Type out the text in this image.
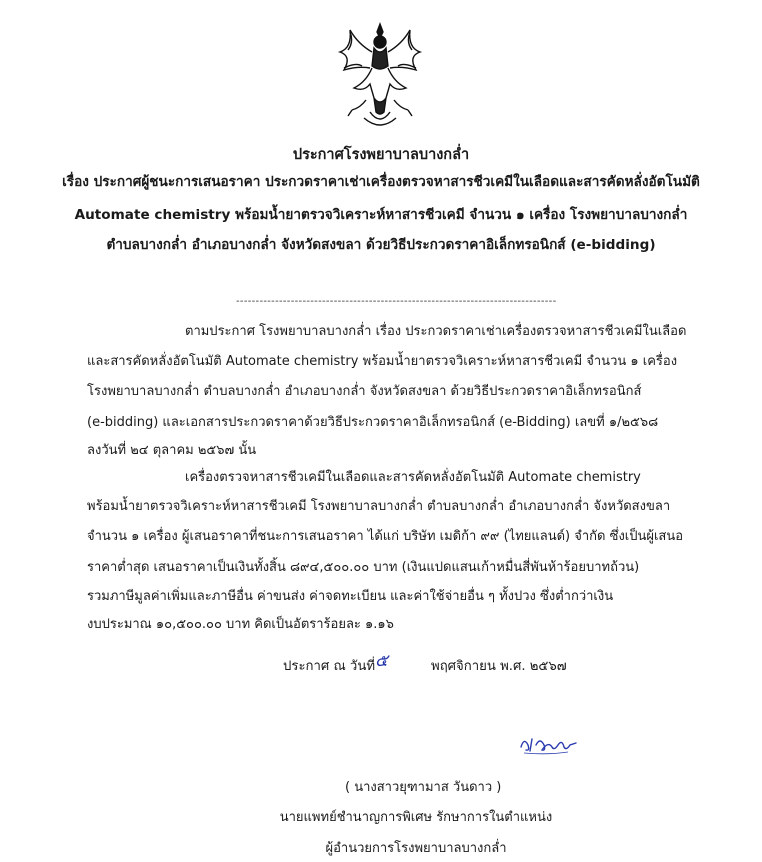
ประกาศโรงพยาบาลบางกล่ำ
เรื่อง ประกาศผู้ชนะการเสนอราคา ประกวดราคาเช่าเครื่องตรวจหาสารชีวเคมีในเลือดและสารคัดหลั่งอัตโนมัติ
Automate chemistry พร้อมน้ำยาตรวจวิเคราะห์หาสารชีวเคมี จำนวน ๑ เครื่อง โรงพยาบาลบางกล่ำ
ตำบลบางกล่ำ อำเภอบางกล่ำ จังหวัดสงขลา ด้วยวิธีประกวดราคาอิเล็กทรอนิกส์ (e-bidding)
----------------------------------------------------------------------------------
ตามประกาศ โรงพยาบาลบางกล่ำ เรื่อง ประกวดราคาเช่าเครื่องตรวจหาสารชีวเคมีในเลือด
และสารคัดหลั่งอัตโนมัติ Automate chemistry พร้อมน้ำยาตรวจวิเคราะห์หาสารชีวเคมี จำนวน ๑ เครื่อง
โรงพยาบาลบางกล่ำ ตำบลบางกล่ำ อำเภอบางกล่ำ จังหวัดสงขลา ด้วยวิธีประกวดราคาอิเล็กทรอนิกส์
(e-bidding) และเอกสารประกวดราคาด้วยวิธีประกวดราคาอิเล็กทรอนิกส์ (e-Bidding) เลขที่ ๑/๒๕๖๘
ลงวันที่ ๒๔ ตุลาคม ๒๕๖๗ นั้น
เครื่องตรวจหาสารชีวเคมีในเลือดและสารคัดหลั่งอัตโนมัติ Automate chemistry
พร้อมน้ำยาตรวจวิเคราะห์หาสารชีวเคมี โรงพยาบาลบางกล่ำ ตำบลบางกล่ำ อำเภอบางกล่ำ จังหวัดสงขลา
จำนวน ๑ เครื่อง ผู้เสนอราคาที่ชนะการเสนอราคา ได้แก่ บริษัท เมดิก้า ๙๙ (ไทยแลนด์) จำกัด ซึ่งเป็นผู้เสนอ
ราคาต่ำสุด เสนอราคาเป็นเงินทั้งสิ้น ๘๙๔,๕๐๐.๐๐ บาท (เงินแปดแสนเก้าหมื่นสี่พันห้าร้อยบาทถ้วน)
รวมภาษีมูลค่าเพิ่มและภาษีอื่น ค่าขนส่ง ค่าจดทะเบียน และค่าใช้จ่ายอื่น ๆ ทั้งปวง ซึ่งต่ำกว่าเงิน
งบประมาณ ๑๐,๕๐๐.๐๐ บาท คิดเป็นอัตราร้อยละ ๑.๑๖
ประกาศ ณ วันที่ ๕	พฤศจิกายน พ.ศ. ๒๕๖๗
( นางสาวยุฑามาส วันดาว )
นายแพทย์ชำนาญการพิเศษ รักษาการในตำแหน่ง
ผู้อำนวยการโรงพยาบาลบางกล่ำ
